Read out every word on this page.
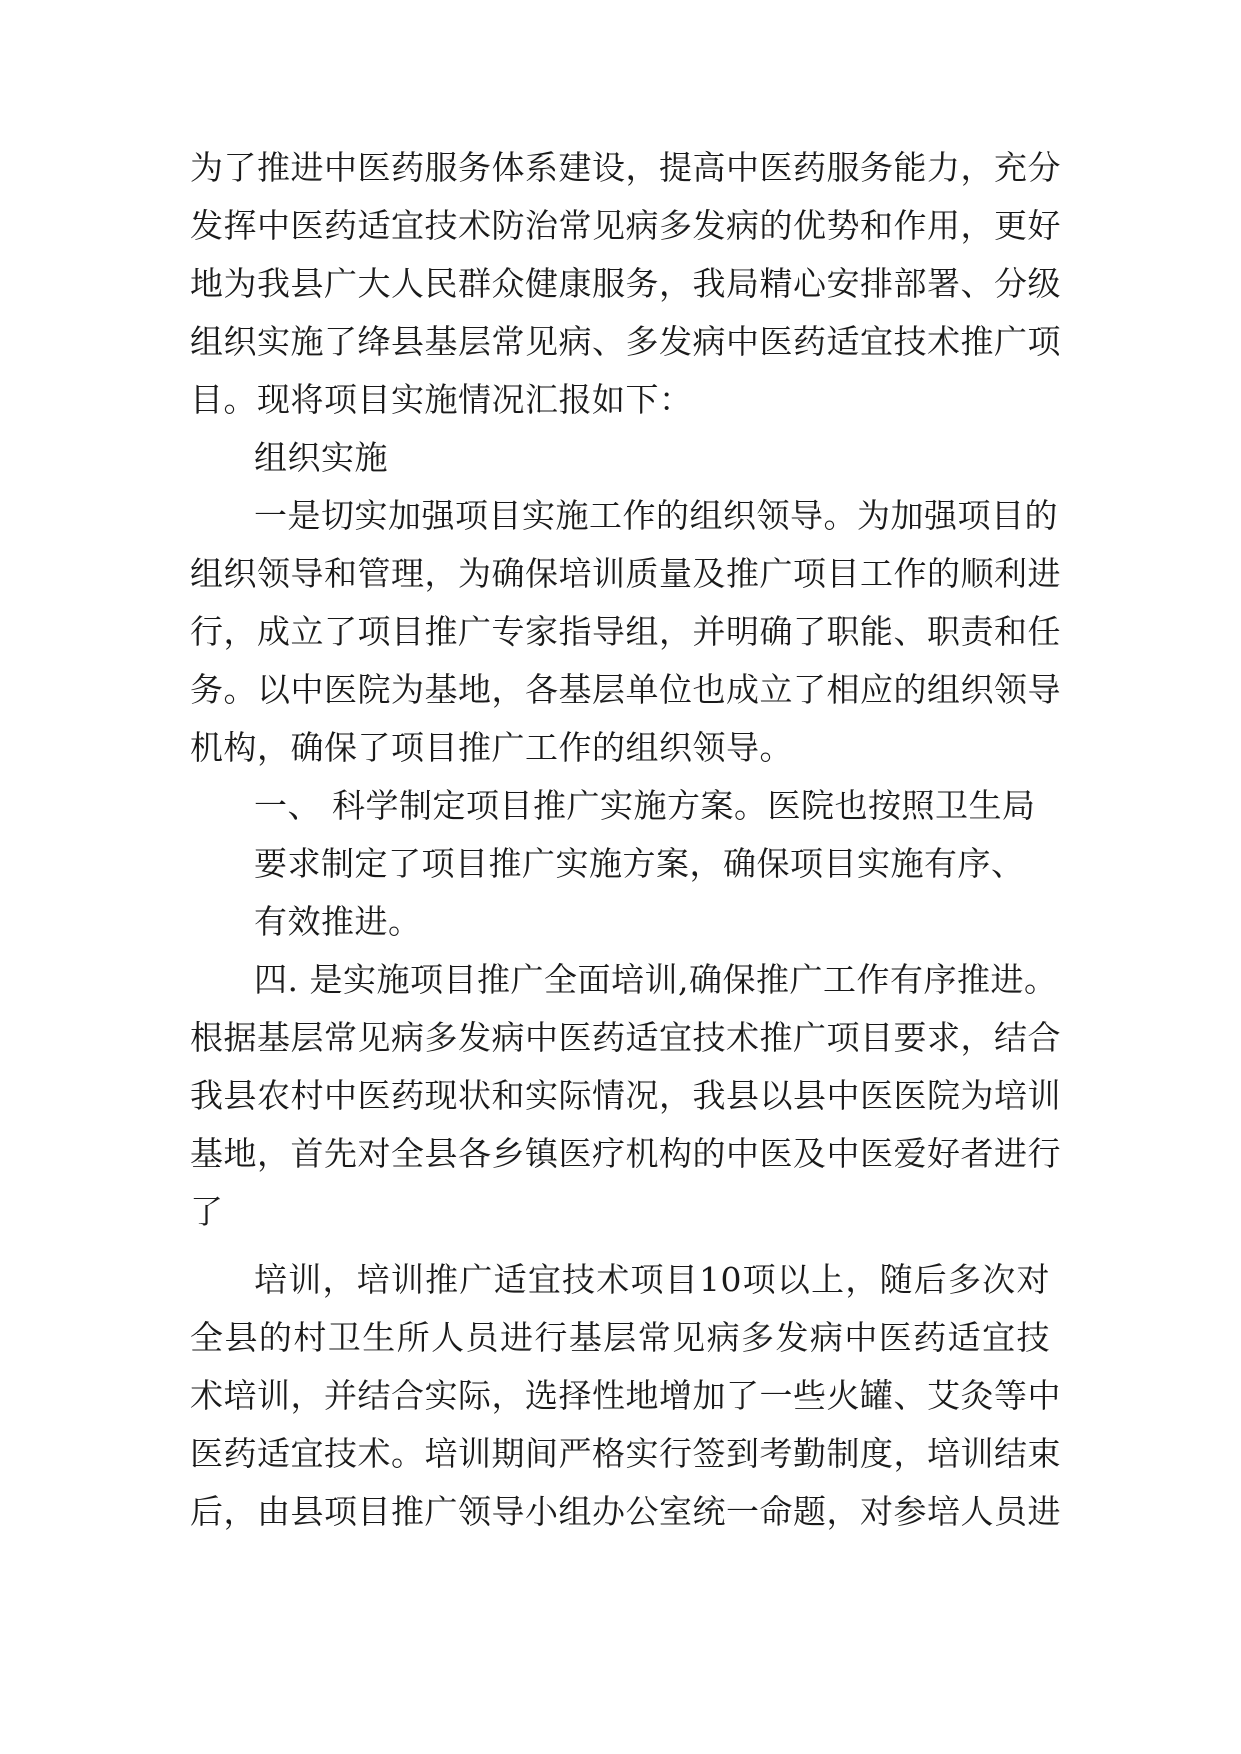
为了推进中医药服务体系建设，提高中医药服务能力，充分
发挥中医药适宜技术防治常见病多发病的优势和作用，更好
地为我县广大人民群众健康服务，我局精心安排部署、分级
组织实施了绛县基层常见病、多发病中医药适宜技术推广项
目。现将项目实施情况汇报如下：
组织实施
一是切实加强项目实施工作的组织领导。为加强项目的
组织领导和管理，为确保培训质量及推广项目工作的顺利进
行，成立了项目推广专家指导组，并明确了职能、职责和任
务。以中医院为基地，各基层单位也成立了相应的组织领导
机构，确保了项目推广工作的组织领导。
一、 科学制定项目推广实施方案。医院也按照卫生局
要求制定了项目推广实施方案，确保项目实施有序、
有效推进。
四. 是实施项目推广全面培训,确保推广工作有序推进。
根据基层常见病多发病中医药适宜技术推广项目要求，结合
我县农村中医药现状和实际情况，我县以县中医医院为培训
基地，首先对全县各乡镇医疗机构的中医及中医爱好者进行
了
培训，培训推广适宜技术项目10项以上，随后多次对
全县的村卫生所人员进行基层常见病多发病中医药适宜技
术培训，并结合实际，选择性地增加了一些火罐、艾灸等中
医药适宜技术。培训期间严格实行签到考勤制度，培训结束
后，由县项目推广领导小组办公室统一命题，对参培人员进
